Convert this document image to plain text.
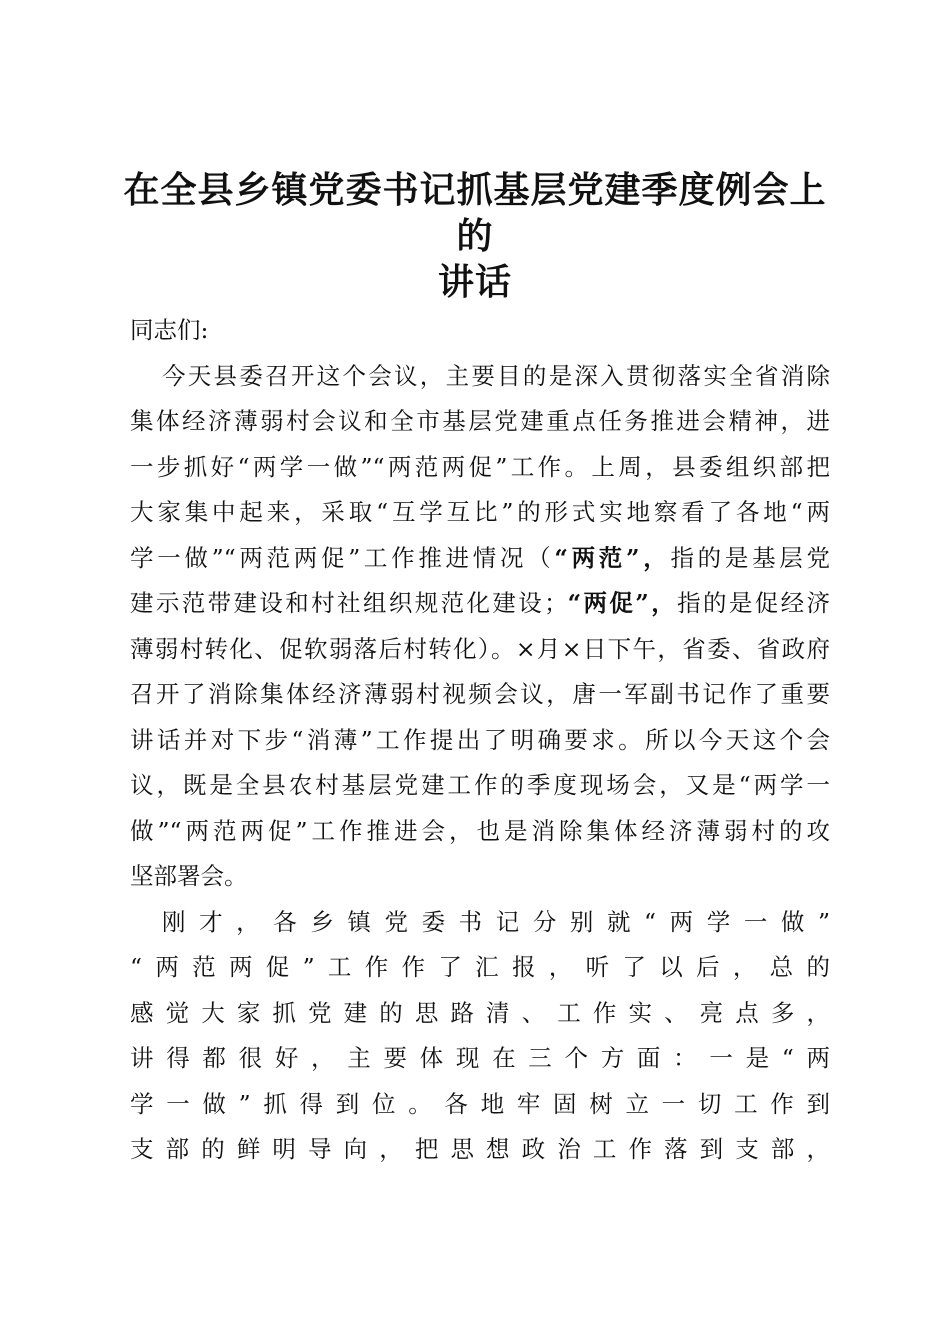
在全县乡镇党委书记抓基层党建季度例会上的
讲话
同志们:
今天县委召开这个会议，主要目的是深入贯彻落实全省消除
集体经济薄弱村会议和全市基层党建重点任务推进会精神，进
一步抓好“两学一做”“两范两促”工作。上周，县委组织部把
大家集中起来，采取“互学互比”的形式实地察看了各地“两
学一做”“两范两促”工作推进情况（“两范”，指的是基层党
建示范带建设和村社组织规范化建设；“两促”，指的是促经济
薄弱村转化、促软弱落后村转化）。×月×日下午，省委、省政府
召开了消除集体经济薄弱村视频会议，唐一军副书记作了重要
讲话并对下步“消薄”工作提出了明确要求。所以今天这个会
议，既是全县农村基层党建工作的季度现场会，又是“两学一
做”“两范两促”工作推进会，也是消除集体经济薄弱村的攻
坚部署会。
刚才，各乡镇党委书记分别就“两学一做”
“两范两促”工作作了汇报，听了以后，总的
感觉大家抓党建的思路清、工作实、亮点多，
讲得都很好，主要体现在三个方面：一是“两
学一做”抓得到位。各地牢固树立一切工作到
支部的鲜明导向，把思想政治工作落到支部，
